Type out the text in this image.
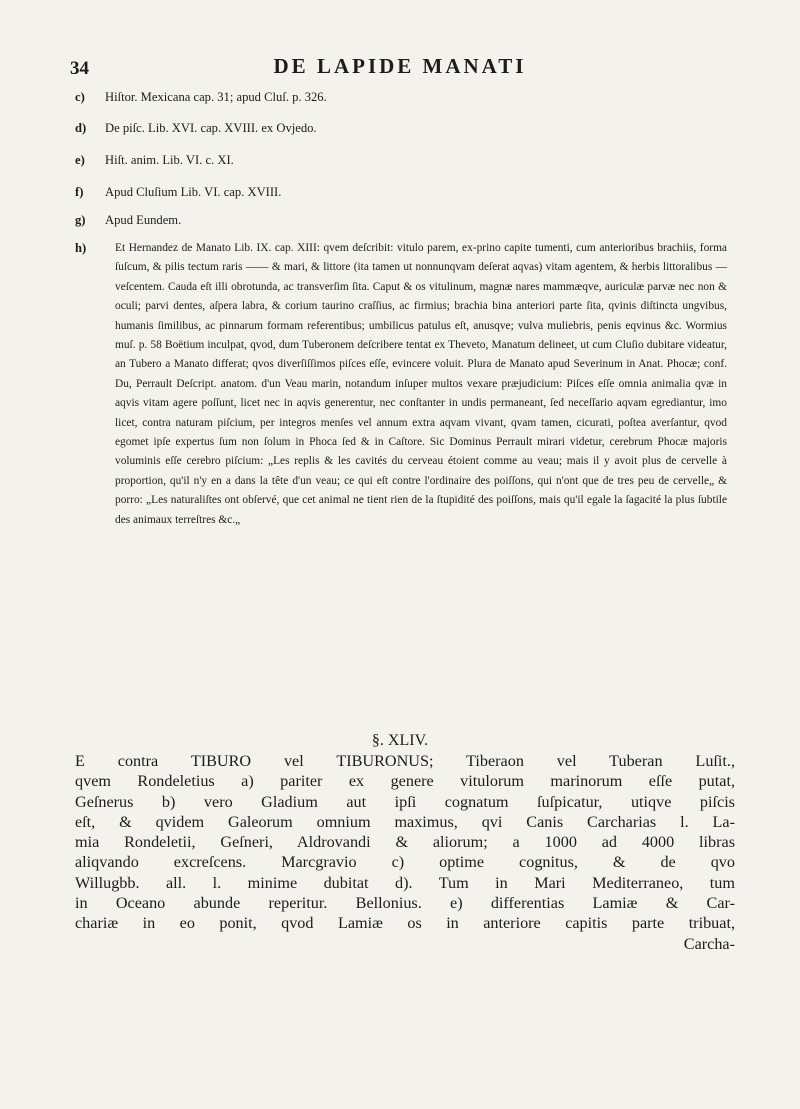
34	DE LAPIDE MANATI
c) Hiſtor. Mexicana cap. 31; apud Cluſ. p. 326.
d) De piſc. Lib. XVI. cap. XVIII. ex Ovjedo.
e) Hiſt. anim. Lib. VI. c. XI.
f) Apud Cluſium Lib. VI. cap. XVIII.
g) Apud Eundem.
h)	Et Hernandez de Manato Lib. IX. cap. XIII: qvem deſcribit: vitulo parem, ex-prino capite tumenti, cum anterioribus brachiis, forma ſuſcum, & pilis tectum raris —— & mari, & littore (ita tamen ut nonnunqvam deſerat aqvas) vitam agentem, & herbis littoralibus — veſcentem. Cauda eſt illi obrotunda, ac transverſim ſita. Caput & os vitulinum, magnæ nares mammæqve, auriculæ parvæ nec non & oculi; parvi dentes, aſpera labra, & corium taurino craſſius, ac firmius; brachia bina anteriori parte ſita, qvinis diſtincta ungvibus, humanis ſimilibus, ac pinnarum formam referentibus; umbilicus patulus eſt, anusqve; vulva muliebris, penis eqvinus &c. Wormius muſ. p. 58 Boëtium inculpat, qvod, dum Tuberonem deſcribere tentat ex Theveto, Manatum delineet, ut cum Cluſio dubitare videatur, an Tubero a Manato differat; qvos diverſiſſimos piſces eſſe, evincere voluit. Plura de Manato apud Severinum in Anat. Phocæ; conf. Du, Perrault Deſcript. anatom. d'un Veau marin, notandum inſuper multos vexare præjudicium: Piſces eſſe omnia animalia qvæ in aqvis vitam agere poſſunt, licet nec in aqvis generentur, nec conſtanter in undis permaneant, ſed neceſſario aqvam egrediantur, imo licet, contra naturam piſcium, per integros menſes vel annum extra aqvam vivant, qvam tamen, cicurati, poſtea averſantur, qvod egomet ipſe expertus ſum non ſolum in Phoca ſed & in Caſtore. Sic Dominus Perrault mirari videtur, cerebrum Phocæ majoris voluminis eſſe cerebro piſcium: „Les replis & les cavités du cerveau étoient comme au veau; mais il y avoit plus de cervelle à proportion, qu'il n'y en a dans la tête d'un veau; ce qui eſt contre l'ordinaire des poiſſons, qui n'ont que de tres peu de cervelle„ & porro: „Les naturaliſtes ont obſervé, que cet animal ne tient rien de la ſtupidité des poiſſons, mais qu'il egale la ſagacité la plus ſubtile des animaux terreſtres &c.„
§. XLIV.
E contra TIBURO vel TIBURONUS; Tiberaon vel Tuberan Luſit.,
qvem Rondeletius a) pariter ex genere vitulorum marinorum eſſe putat,
Geſnerus b) vero Gladium aut ipſi cognatum ſuſpicatur, utiqve piſcis
eſt, & qvidem Galeorum omnium maximus, qvi Canis Carcharias l. La-
mia Rondeletii, Geſneri, Aldrovandi & aliorum; a 1000 ad 4000 libras
aliqvando excreſcens. Marcgravio c) optime cognitus, & de qvo
Willugbb. all. l. minime dubitat d). Tum in Mari Mediterraneo, tum
in Oceano abunde reperitur. Bellonius. e) differentias Lamiæ & Car-
chariæ in eo ponit, qvod Lamiæ os in anteriore capitis parte tribuat,
Carcha-
